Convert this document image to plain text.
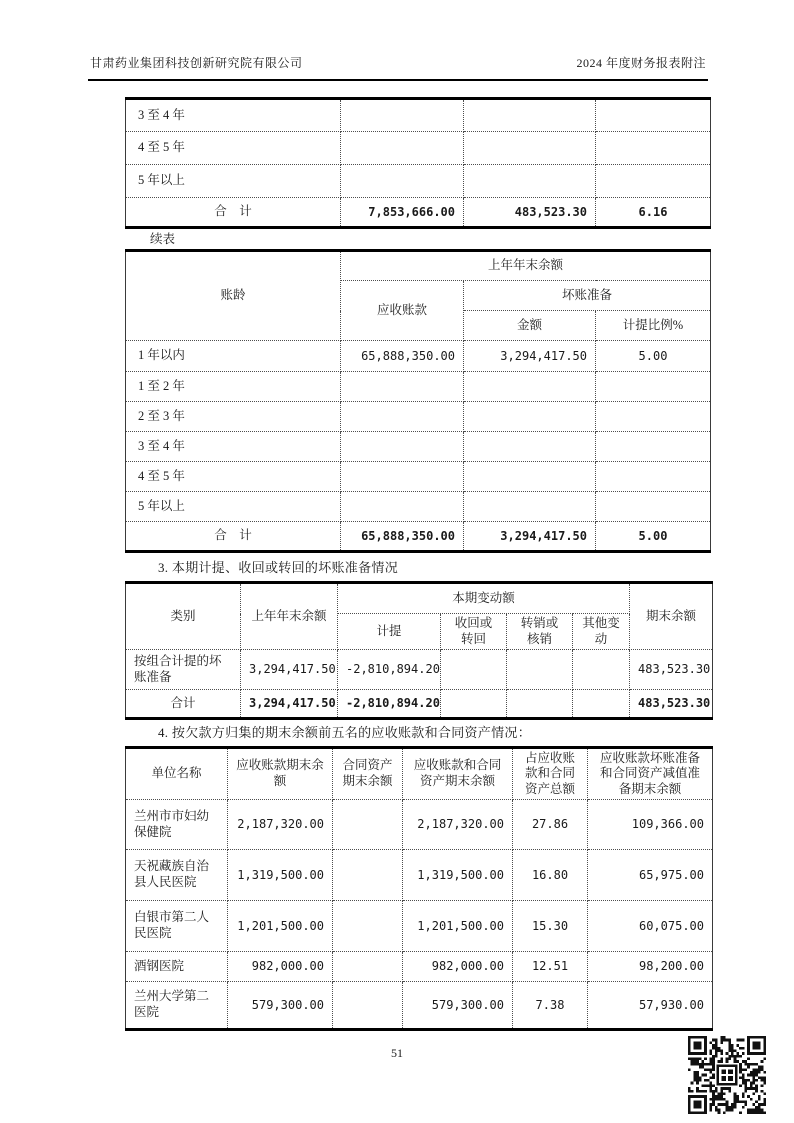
甘肃药业集团科技创新研究院有限公司	2024 年度财务报表附注
3 至 4 年			
4 至 5 年			
5 年以上			
合　计	7,853,666.00	483,523.30	6.16
续表
账龄	上年年末余额		
	应收账款	坏账准备	
		金额	计提比例%
1 年以内	65,888,350.00	3,294,417.50	5.00
1 至 2 年			
2 至 3 年			
3 至 4 年			
4 至 5 年			
5 年以上			
合　计	65,888,350.00	3,294,417.50	5.00
3. 本期计提、收回或转回的坏账准备情况
类别	上年年末余额	本期变动额				期末余额
		计提	收回或转回	转销或核销	其他变动	
按组合计提的坏账准备	3,294,417.50	-2,810,894.20				483,523.30
合计	3,294,417.50	-2,810,894.20				483,523.30
4. 按欠款方归集的期末余额前五名的应收账款和合同资产情况：
单位名称	应收账款期末余额	合同资产期末余额	应收账款和合同资产期末余额	占应收账款和合同资产总额	应收账款坏账准备和合同资产减值准备期末余额
兰州市市妇幼保健院	2,187,320.00		2,187,320.00	27.86	109,366.00
天祝藏族自治县人民医院	1,319,500.00		1,319,500.00	16.80	65,975.00
白银市第二人民医院	1,201,500.00		1,201,500.00	15.30	60,075.00
酒钢医院	982,000.00		982,000.00	12.51	98,200.00
兰州大学第二医院	579,300.00		579,300.00	7.38	57,930.00
51
